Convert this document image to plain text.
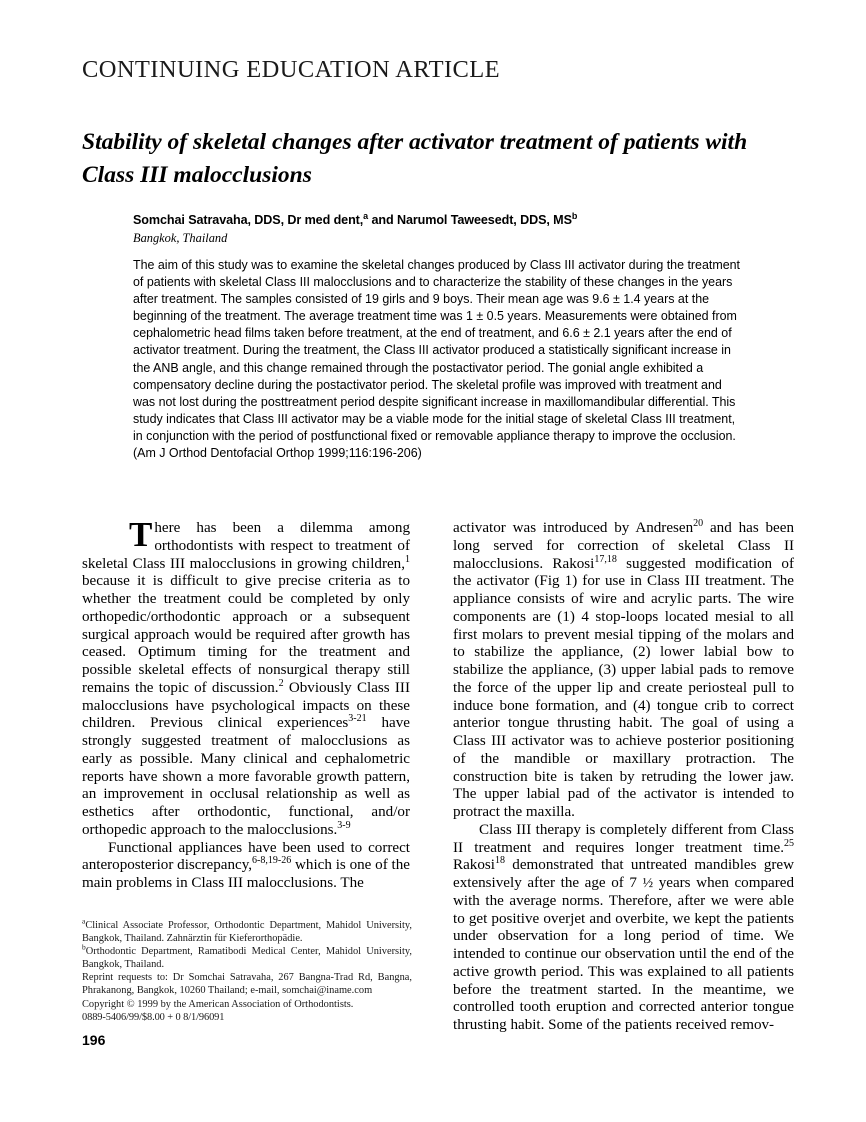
CONTINUING EDUCATION ARTICLE
Stability of skeletal changes after activator treatment of patients with Class III malocclusions
Somchai Satravaha, DDS, Dr med dent,$^a$ and Narumol Taweesedt, DDS, $MS^b$
Bangkok, Thailand
The aim of this study was to examine the skeletal changes produced by Class III activator during the treatment of patients with skeletal Class III malocclusions and to characterize the stability of these changes in the years after treatment. The samples consisted of 19 girls and 9 boys. Their mean age was 9.6 ± 1.4 years at the beginning of the treatment. The average treatment time was 1 ± 0.5 years. Measurements were obtained from cephalometric head films taken before treatment, at the end of treatment, and 6.6 ± 2.1 years after the end of activator treatment. During the treatment, the Class III activator produced a statistically significant increase in the ANB angle, and this change remained through the postactivator period. The gonial angle exhibited a compensatory decline during the postactivator period. The skeletal profile was improved with treatment and was not lost during the posttreatment period despite significant increase in maxillomandibular differential. This study indicates that Class III activator may be a viable mode for the initial stage of skeletal Class III treatment, in conjunction with the period of postfunctional fixed or removable appliance therapy to improve the occlusion. (Am J Orthod Dentofacial Orthop 1999;116:196-206)

There has been a dilemma among orthodontists with respect to treatment of skeletal Class III malocclusions in growing children,$^1$ because it is difficult to give precise criteria as to whether the treatment could be completed by only orthopedic/orthodontic approach or a subsequent surgical approach would be required after growth has ceased. Optimum timing for the treatment and possible skeletal effects of nonsurgical therapy still remains the topic of discussion.$^2$ Obviously Class III malocclusions have psychological impacts on these children. Previous clinical experiences$^{3-21}$ have strongly suggested treatment of malocclusions as early as possible. Many clinical and cephalometric reports have shown a more favorable growth pattern, an improvement in occlusal relationship as well as esthetics after orthodontic, functional, and/or orthopedic approach to the malocclusions.$^{3-9}$

Functional appliances have been used to correct anteroposterior discrepancy,$^{6-8,19-26}$ which is one of the main problems in Class III malocclusions. The

activator was introduced by Andresen$^{20}$ and has been long served for correction of skeletal Class II malocclusions. Rakosi$^{17,18}$ suggested modification of the activator (Fig 1) for use in Class III treatment. The appliance consists of wire and acrylic parts. The wire components are (1) 4 stop-loops located mesial to all first molars to prevent mesial tipping of the molars and to stabilize the appliance, (2) lower labial bow to stabilize the appliance, (3) upper labial pads to remove the force of the upper lip and create periosteal pull to induce bone formation, and (4) tongue crib to correct anterior tongue thrusting habit. The goal of using a Class III activator was to achieve posterior positioning of the mandible or maxillary protraction. The construction bite is taken by retruding the lower jaw. The upper labial pad of the activator is intended to protract the maxilla.

Class III therapy is completely different from Class II treatment and requires longer treatment time.$^{25}$ Rakosi$^{18}$ demonstrated that untreated mandibles grew extensively after the age of 7 ½ years when compared with the average norms. Therefore, after we were able to get positive overjet and overbite, we kept the patients under observation for a long period of time. We intended to continue our observation until the end of the active growth period. This was explained to all patients before the treatment started. In the meantime, we controlled tooth eruption and corrected anterior tongue thrusting habit. Some of the patients received remov-

$^a$Clinical Associate Professor, Orthodontic Department, Mahidol University, Bangkok, Thailand. Zahnärztin für Kieferorthopädie.

$^b$Orthodontic Department, Ramatibodi Medical Center, Mahidol University, Bangkok, Thailand.

Reprint requests to: Dr Somchai Satravaha, 267 Bangna-Trad Rd, Bangna, Phrakanong, Bangkok, 10260 Thailand; e-mail, somchai@iname.com

Copyright © 1999 by the American Association of Orthodontists.

0889-5406/99/$8.00 + 0 8/1/96091

196
